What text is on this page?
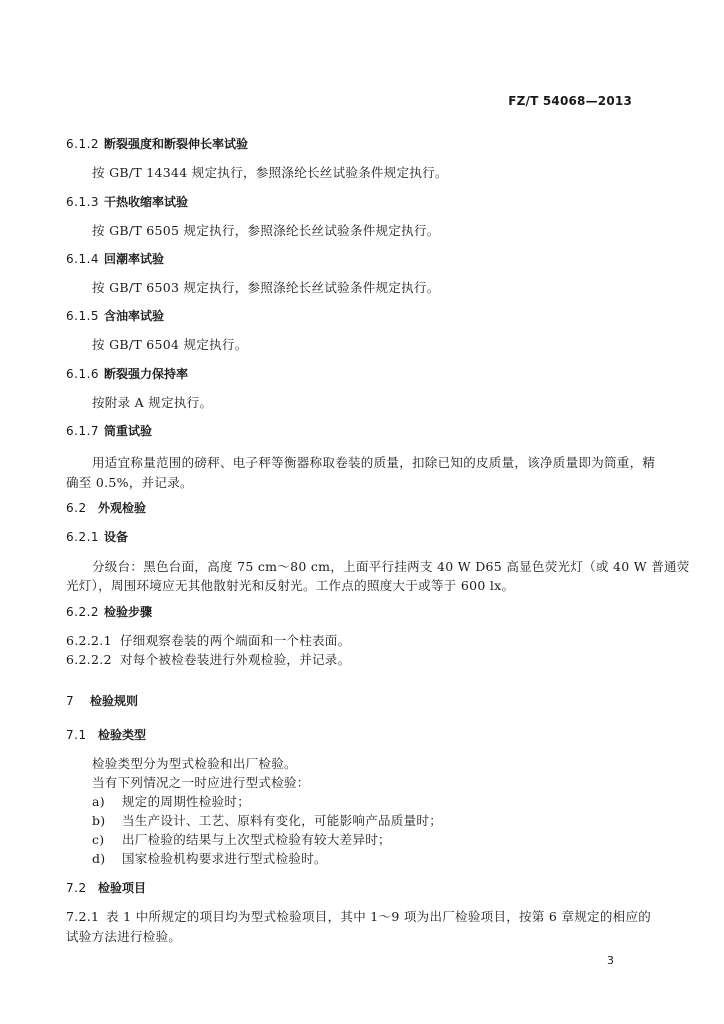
FZ/T 54068—2013
6.1.2 断裂强度和断裂伸长率试验
按 GB/T 14344 规定执行，参照涤纶长丝试验条件规定执行。
6.1.3 干热收缩率试验
按 GB/T 6505 规定执行，参照涤纶长丝试验条件规定执行。
6.1.4 回潮率试验
按 GB/T 6503 规定执行，参照涤纶长丝试验条件规定执行。
6.1.5 含油率试验
按 GB/T 6504 规定执行。
6.1.6 断裂强力保持率
按附录 A 规定执行。
6.1.7 筒重试验
用适宜称量范围的磅秤、电子秤等衡器称取卷装的质量，扣除已知的皮质量，该净质量即为筒重，精
确至 0.5%，并记录。
6.2 外观检验
6.2.1 设备
分级台：黑色台面，高度 75 cm～80 cm，上面平行挂两支 40 W D65 高显色荧光灯（或 40 W 普通荧
光灯），周围环境应无其他散射光和反射光。工作点的照度大于或等于 600 lx。
6.2.2 检验步骤
6.2.2.1 仔细观察卷装的两个端面和一个柱表面。
6.2.2.2 对每个被检卷装进行外观检验，并记录。
7 检验规则
7.1 检验类型
检验类型分为型式检验和出厂检验。
当有下列情况之一时应进行型式检验：
a) 规定的周期性检验时；
b) 当生产设计、工艺、原料有变化，可能影响产品质量时；
c) 出厂检验的结果与上次型式检验有较大差异时；
d) 国家检验机构要求进行型式检验时。
7.2 检验项目
7.2.1 表 1 中所规定的项目均为型式检验项目，其中 1～9 项为出厂检验项目，按第 6 章规定的相应的
试验方法进行检验。
3
